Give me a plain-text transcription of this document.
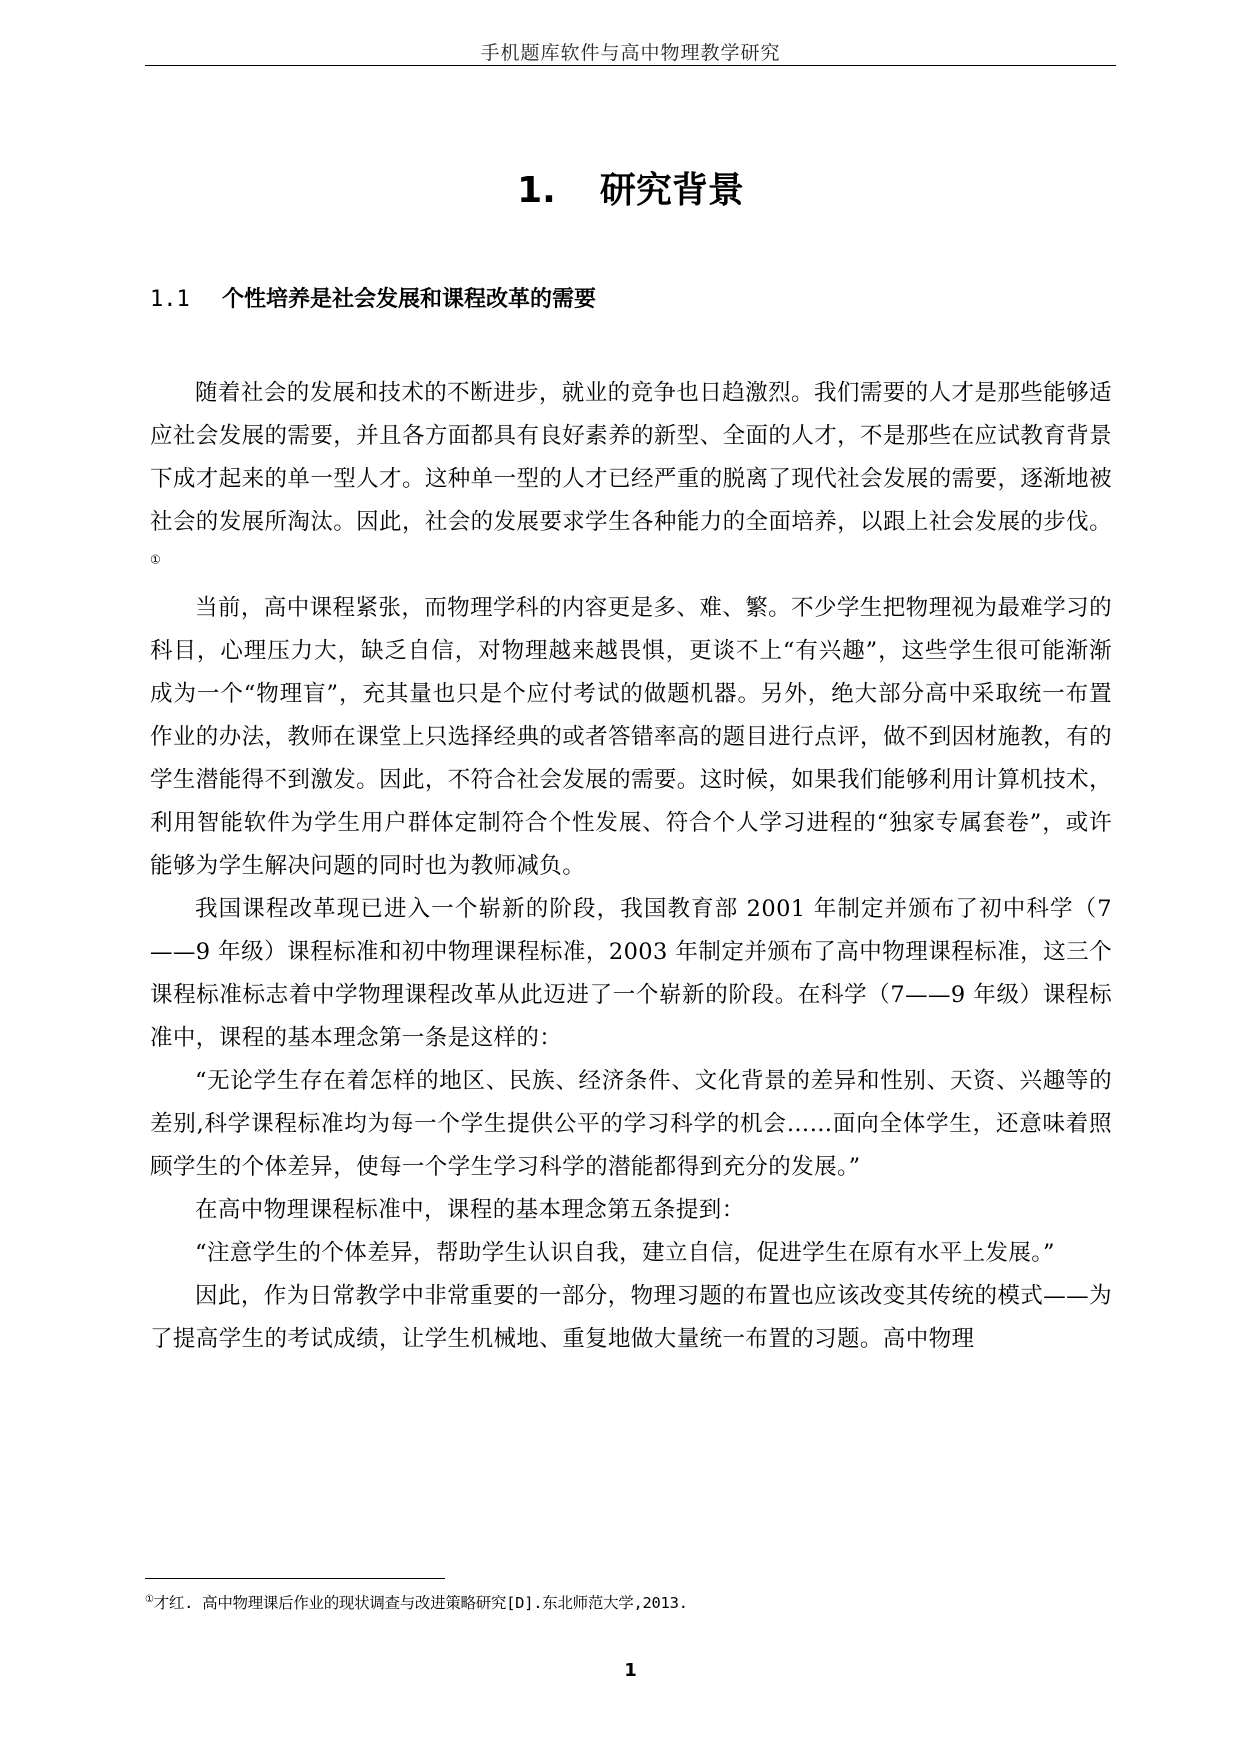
手机题库软件与高中物理教学研究
1. 研究背景
1.1 个性培养是社会发展和课程改革的需要

随着社会的发展和技术的不断进步，就业的竞争也日趋激烈。我们需要的人才是那些能够适应社会发展的需要，并且各方面都具有良好素养的新型、全面的人才，不是那些在应试教育背景下成才起来的单一型人才。这种单一型的人才已经严重的脱离了现代社会发展的需要，逐渐地被社会的发展所淘汰。因此，社会的发展要求学生各种能力的全面培养，以跟上社会发展的步伐。①

当前，高中课程紧张，而物理学科的内容更是多、难、繁。不少学生把物理视为最难学习的科目，心理压力大，缺乏自信，对物理越来越畏惧，更谈不上“有兴趣”，这些学生很可能渐渐成为一个“物理盲”，充其量也只是个应付考试的做题机器。另外，绝大部分高中采取统一布置作业的办法，教师在课堂上只选择经典的或者答错率高的题目进行点评，做不到因材施教，有的学生潜能得不到激发。因此，不符合社会发展的需要。这时候，如果我们能够利用计算机技术，利用智能软件为学生用户群体定制符合个性发展、符合个人学习进程的“独家专属套卷”，或许能够为学生解决问题的同时也为教师减负。

我国课程改革现已进入一个崭新的阶段，我国教育部 2001 年制定并颁布了初中科学（7——9 年级）课程标准和初中物理课程标准，2003 年制定并颁布了高中物理课程标准，这三个课程标准标志着中学物理课程改革从此迈进了一个崭新的阶段。在科学（7——9 年级）课程标准中，课程的基本理念第一条是这样的：

“无论学生存在着怎样的地区、民族、经济条件、文化背景的差异和性别、天资、兴趣等的差别,科学课程标准均为每一个学生提供公平的学习科学的机会……面向全体学生，还意味着照顾学生的个体差异，使每一个学生学习科学的潜能都得到充分的发展。”

在高中物理课程标准中，课程的基本理念第五条提到：

“注意学生的个体差异，帮助学生认识自我，建立自信，促进学生在原有水平上发展。”

因此，作为日常教学中非常重要的一部分，物理习题的布置也应该改变其传统的模式——为了提高学生的考试成绩，让学生机械地、重复地做大量统一布置的习题。高中物理

①才红. 高中物理课后作业的现状调查与改进策略研究[D].东北师范大学,2013.
1
